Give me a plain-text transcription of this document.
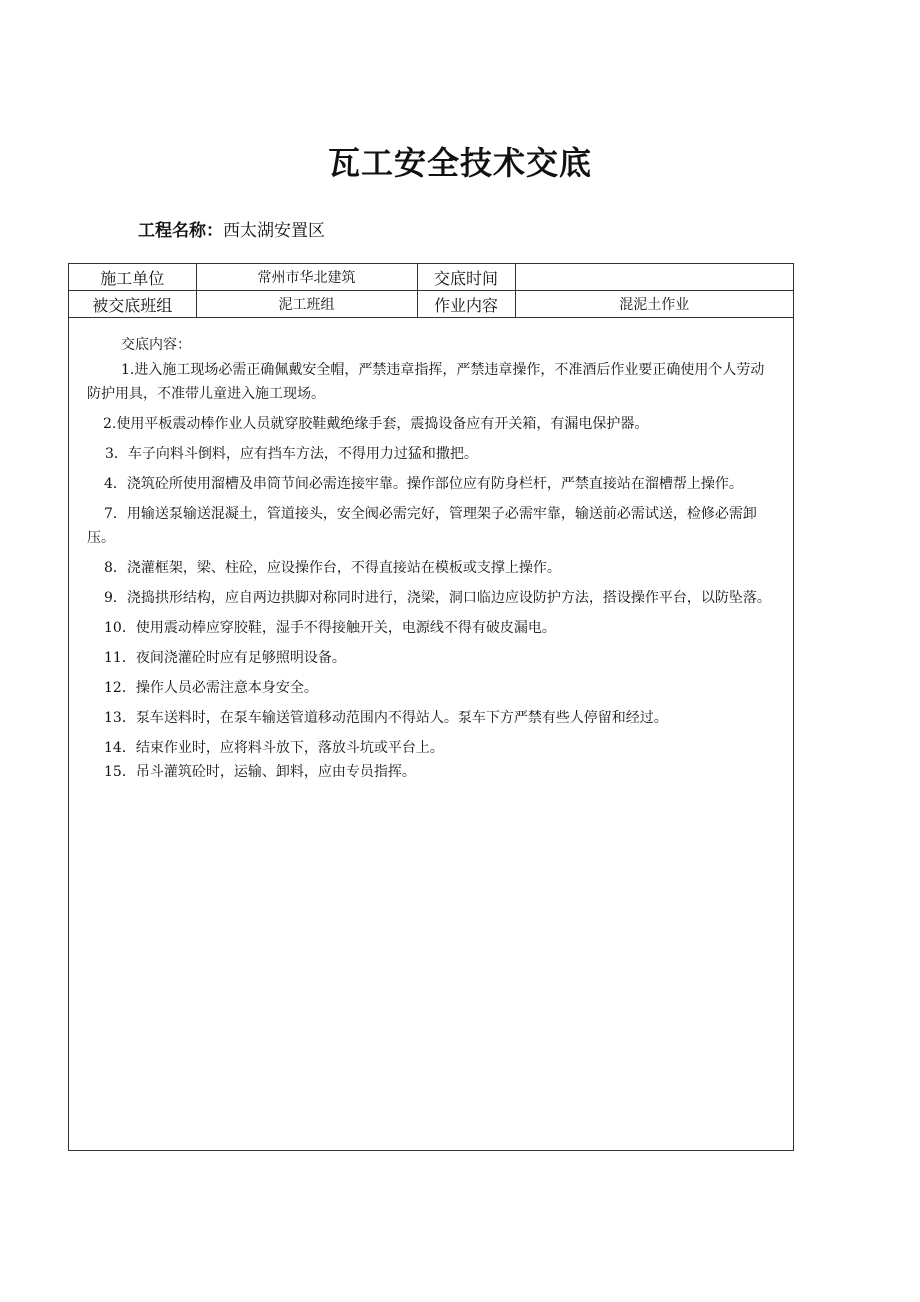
瓦工安全技术交底
工程名称：西太湖安置区
施工单位	常州市华北建筑	交底时间	
被交底班组	泥工班组	作业内容	混泥土作业
交底内容：
1.进入施工现场必需正确佩戴安全帽，严禁违章指挥，严禁违章操作，不准酒后作业要正确使用个人劳动防护用具，不准带儿童进入施工现场。
2.使用平板震动棒作业人员就穿胶鞋戴绝缘手套，震捣设备应有开关箱，有漏电保护器。
3．车子向料斗倒料，应有挡车方法，不得用力过猛和撒把。
4．浇筑砼所使用溜槽及串筒节间必需连接牢靠。操作部位应有防身栏杆，严禁直接站在溜槽帮上操作。
7．用输送泵输送混凝土，管道接头，安全阀必需完好，管理架子必需牢靠，输送前必需试送，检修必需卸压。
8．浇灌框架，梁、柱砼，应设操作台，不得直接站在模板或支撑上操作。
9．浇捣拱形结构，应自两边拱脚对称同时进行，浇梁，洞口临边应设防护方法，搭设操作平台，以防坠落。
10．使用震动棒应穿胶鞋，湿手不得接触开关，电源线不得有破皮漏电。
11．夜间浇灌砼时应有足够照明设备。
12．操作人员必需注意本身安全。
13．泵车送料时，在泵车输送管道移动范围内不得站人。泵车下方严禁有些人停留和经过。
14．结束作业时，应将料斗放下，落放斗坑或平台上。
15．吊斗灌筑砼时，运输、卸料，应由专员指挥。
